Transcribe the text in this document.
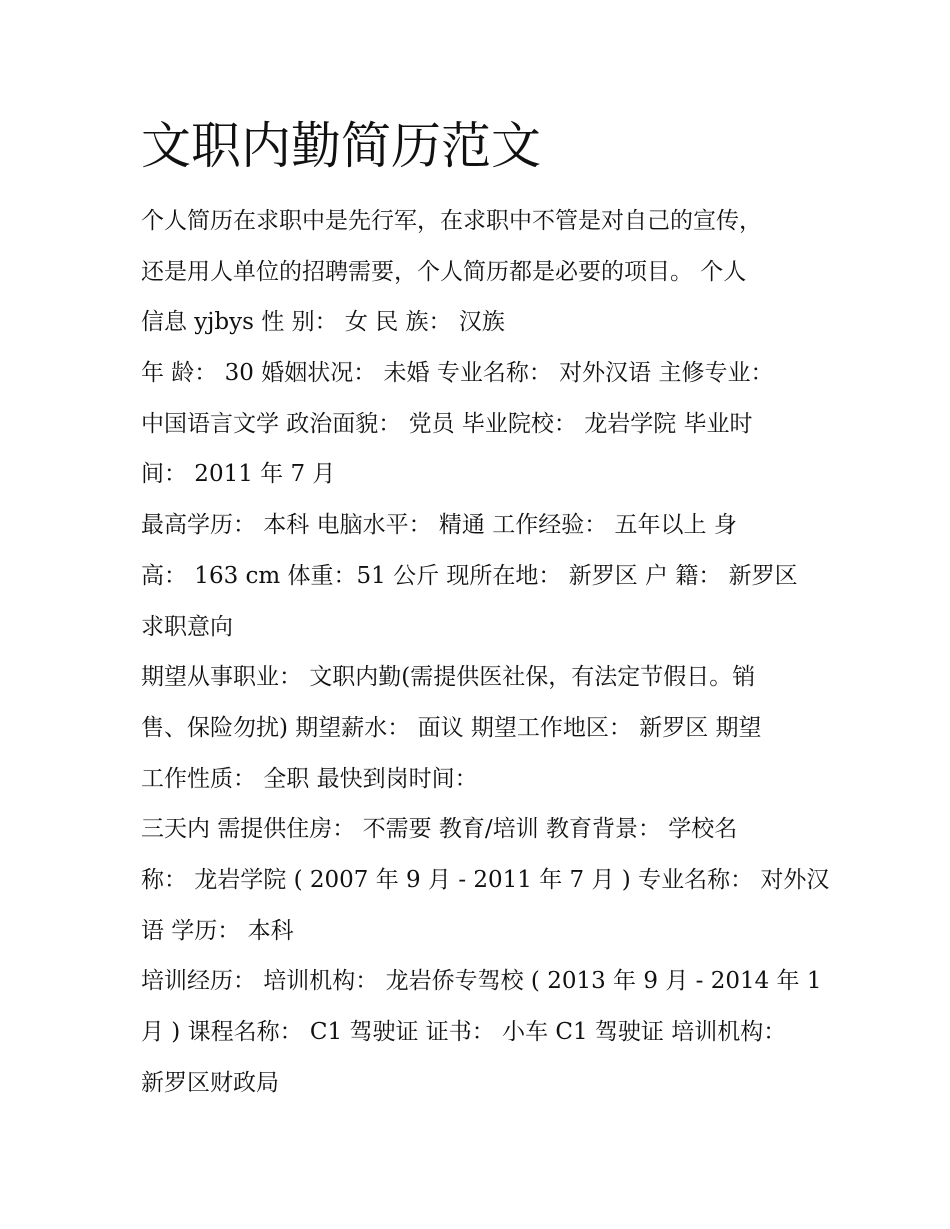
文职内勤简历范文
个人简历在求职中是先行军，在求职中不管是对自己的宣传，
还是用人单位的招聘需要，个人简历都是必要的项目。 个人
信息 yjbys 性 别： 女 民 族： 汉族
年 龄： 30 婚姻状况： 未婚 专业名称： 对外汉语 主修专业：
中国语言文学 政治面貌： 党员 毕业院校： 龙岩学院 毕业时
间： 2011 年 7 月
最高学历： 本科 电脑水平： 精通 工作经验： 五年以上 身
高： 163 cm 体重：51 公斤 现所在地： 新罗区 户 籍： 新罗区
求职意向
期望从事职业： 文职内勤(需提供医社保，有法定节假日。销
售、保险勿扰) 期望薪水： 面议 期望工作地区： 新罗区 期望
工作性质： 全职 最快到岗时间：
三天内 需提供住房： 不需要 教育/培训 教育背景： 学校名
称： 龙岩学院 ( 2007 年 9 月 - 2011 年 7 月 ) 专业名称： 对外汉
语 学历： 本科
培训经历： 培训机构： 龙岩侨专驾校 ( 2013 年 9 月 - 2014 年 1
月 ) 课程名称： C1 驾驶证 证书： 小车 C1 驾驶证 培训机构：
新罗区财政局
